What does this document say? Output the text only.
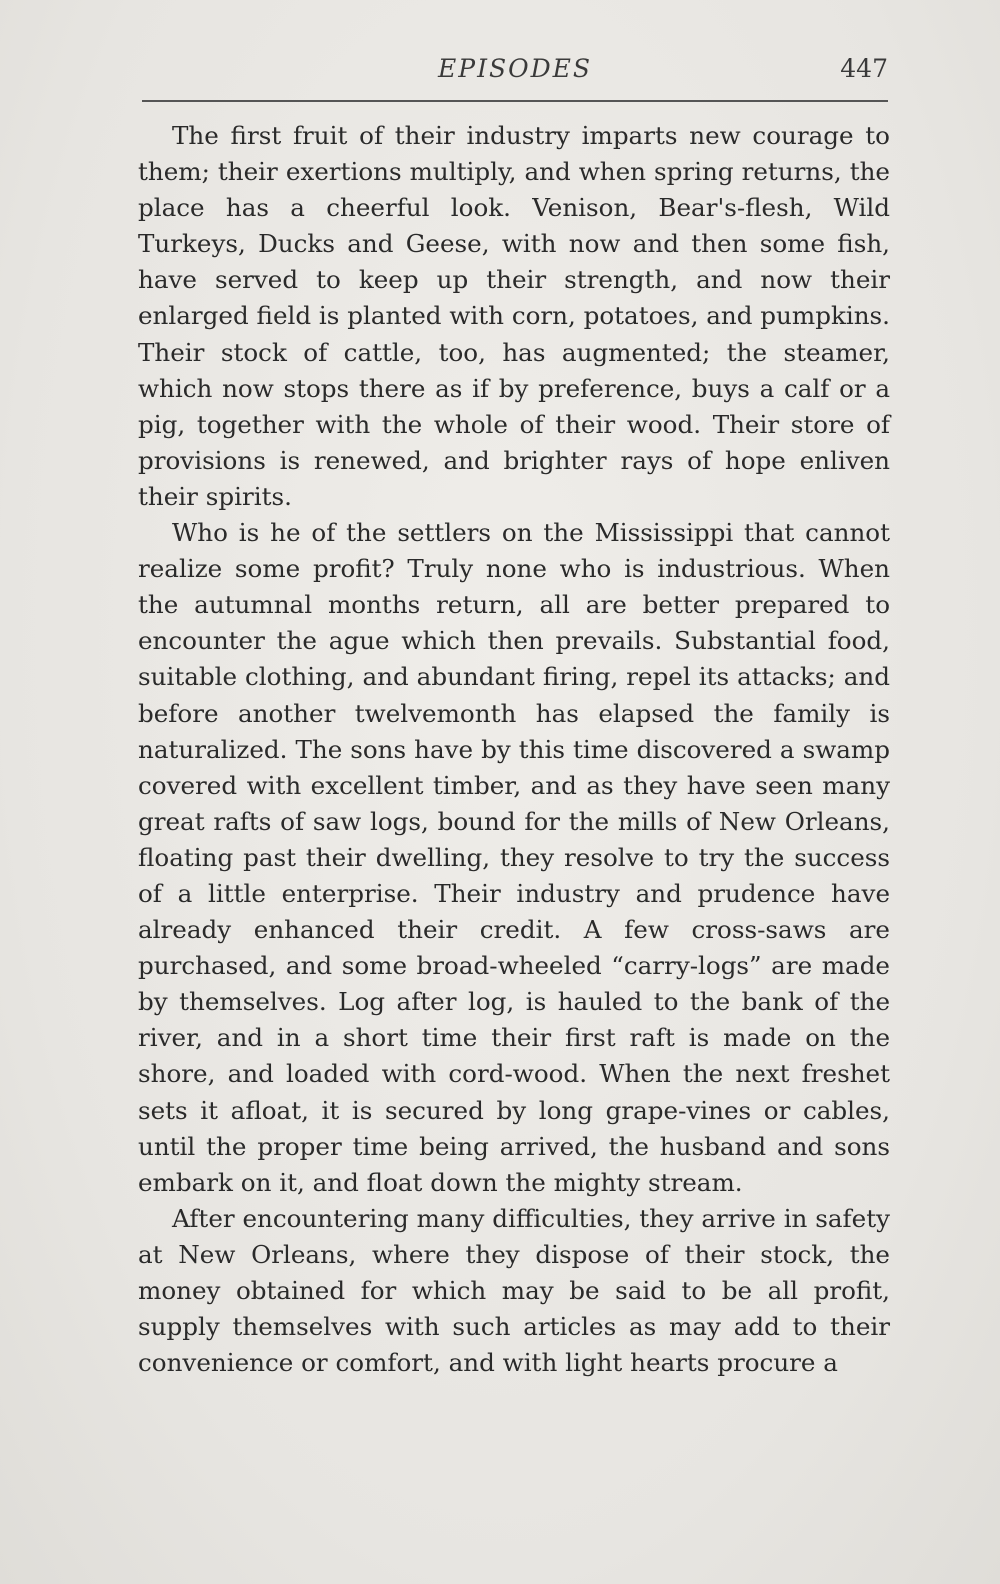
EPISODES	447

The first fruit of their industry imparts new courage to them; their exertions multiply, and when spring returns, the place has a cheerful look. Venison, Bear's-flesh, Wild Turkeys, Ducks and Geese, with now and then some fish, have served to keep up their strength, and now their enlarged field is planted with corn, potatoes, and pumpkins. Their stock of cattle, too, has augmented; the steamer, which now stops there as if by preference, buys a calf or a pig, together with the whole of their wood. Their store of provisions is renewed, and brighter rays of hope enliven their spirits.

Who is he of the settlers on the Mississippi that cannot realize some profit? Truly none who is industrious. When the autumnal months return, all are better prepared to encounter the ague which then prevails. Substantial food, suitable clothing, and abundant firing, repel its attacks; and before another twelvemonth has elapsed the family is naturalized. The sons have by this time discovered a swamp covered with excellent timber, and as they have seen many great rafts of saw logs, bound for the mills of New Orleans, floating past their dwelling, they resolve to try the success of a little enterprise. Their industry and prudence have already enhanced their credit. A few cross-saws are purchased, and some broad-wheeled “carry-logs” are made by themselves. Log after log, is hauled to the bank of the river, and in a short time their first raft is made on the shore, and loaded with cord-wood. When the next freshet sets it afloat, it is secured by long grape-vines or cables, until the proper time being arrived, the husband and sons embark on it, and float down the mighty stream.

After encountering many difficulties, they arrive in safety at New Orleans, where they dispose of their stock, the money obtained for which may be said to be all profit, supply themselves with such articles as may add to their convenience or comfort, and with light hearts procure a
